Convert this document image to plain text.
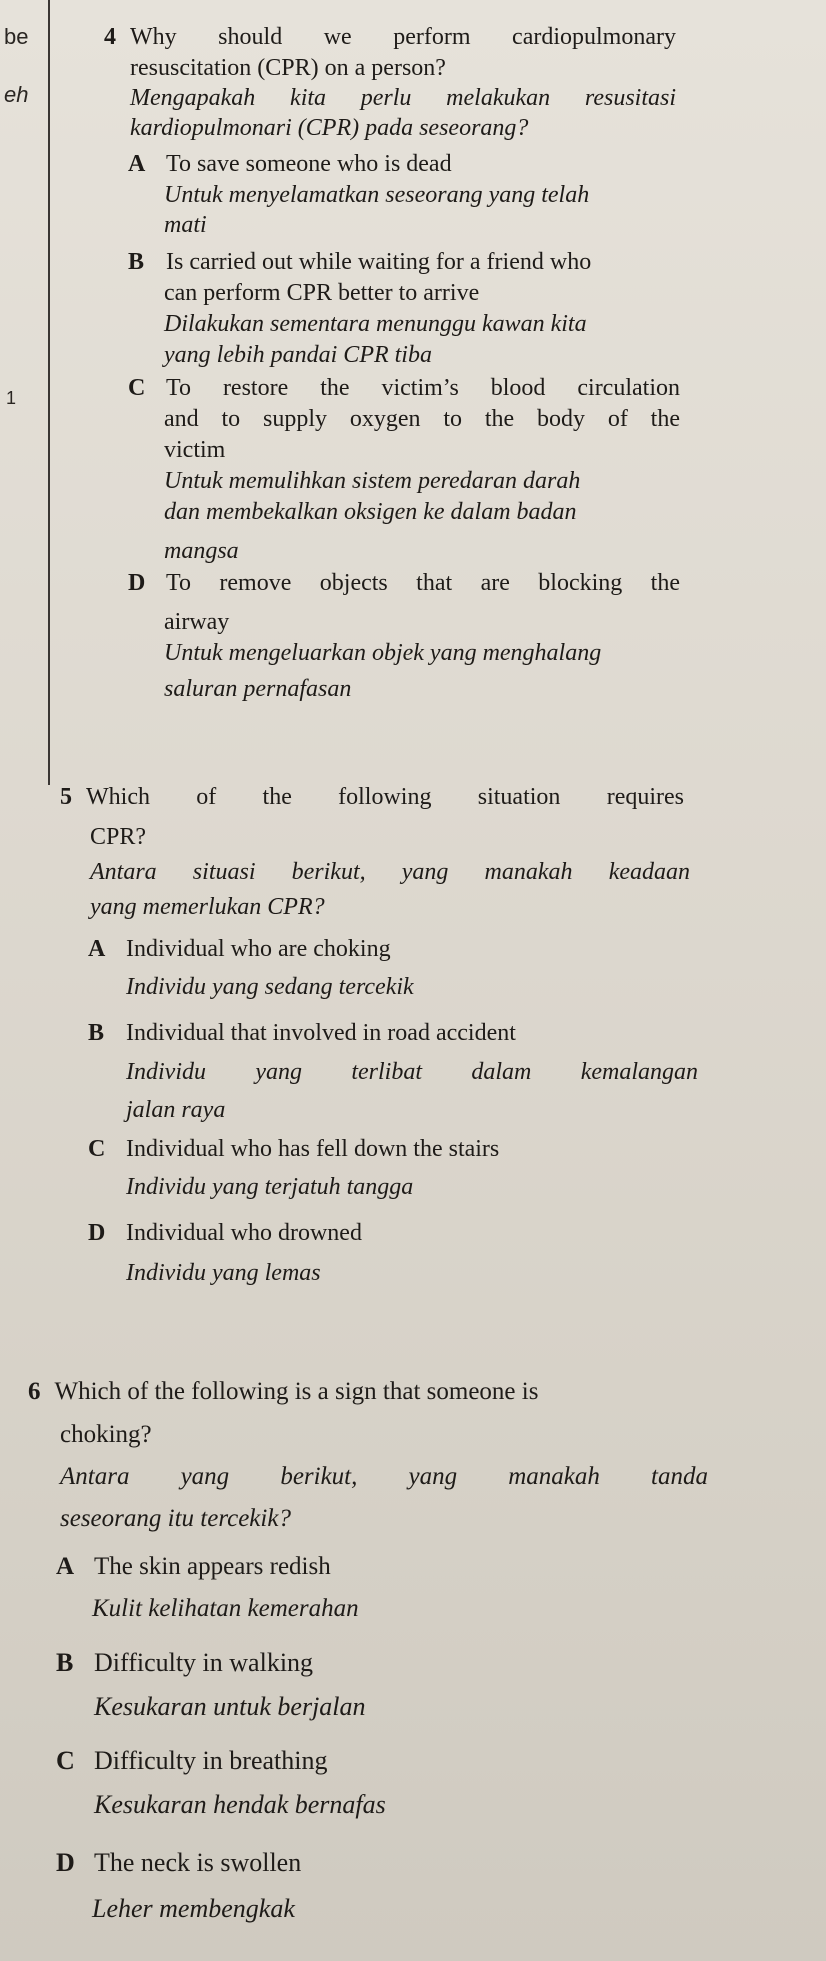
be
eh
1
4 Why should we perform cardiopulmonary
resuscitation (CPR) on a person?
Mengapakah kita perlu melakukan resusitasi
kardiopulmonari (CPR) pada seseorang?
A To save someone who is dead
Untuk menyelamatkan seseorang yang telah
mati
B Is carried out while waiting for a friend who
can perform CPR better to arrive
Dilakukan sementara menunggu kawan kita
yang lebih pandai CPR tiba
C To restore the victim’s blood circulation
and to supply oxygen to the body of the
victim
Untuk memulihkan sistem peredaran darah
dan membekalkan oksigen ke dalam badan
mangsa
D To remove objects that are blocking the
airway
Untuk mengeluarkan objek yang menghalang
saluran pernafasan
5 Which of the following situation requires
CPR?
Antara situasi berikut, yang manakah keadaan
yang memerlukan CPR?
A Individual who are choking
Individu yang sedang tercekik
B Individual that involved in road accident
Individu yang terlibat dalam kemalangan
jalan raya
C Individual who has fell down the stairs
Individu yang terjatuh tangga
D Individual who drowned
Individu yang lemas
6 Which of the following is a sign that someone is
choking?
Antara yang berikut, yang manakah tanda
seseorang itu tercekik?
A The skin appears redish
Kulit kelihatan kemerahan
B Difficulty in walking
Kesukaran untuk berjalan
C Difficulty in breathing
Kesukaran hendak bernafas
D The neck is swollen
Leher membengkak
